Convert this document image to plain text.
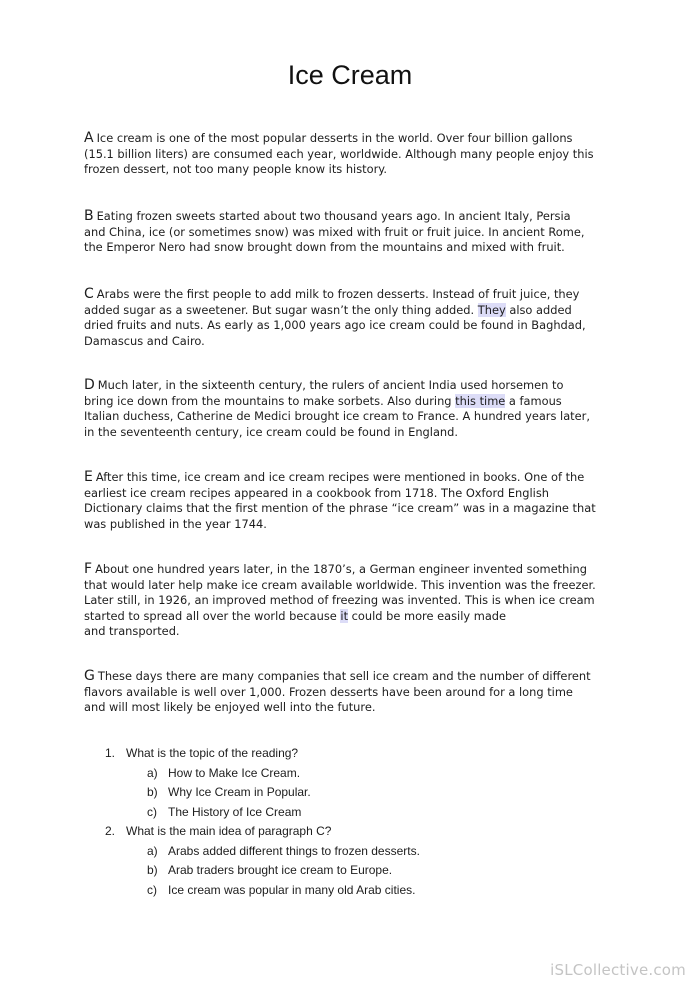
Ice Cream
A Ice cream is one of the most popular desserts in the world. Over four billion gallons
(15.1 billion liters) are consumed each year, worldwide. Although many people enjoy this
frozen dessert, not too many people know its history.
B Eating frozen sweets started about two thousand years ago. In ancient Italy, Persia
and China, ice (or sometimes snow) was mixed with fruit or fruit juice. In ancient Rome,
the Emperor Nero had snow brought down from the mountains and mixed with fruit.
C Arabs were the first people to add milk to frozen desserts. Instead of fruit juice, they
added sugar as a sweetener. But sugar wasn’t the only thing added. They also added
dried fruits and nuts. As early as 1,000 years ago ice cream could be found in Baghdad,
Damascus and Cairo.
D Much later, in the sixteenth century, the rulers of ancient India used horsemen to
bring ice down from the mountains to make sorbets. Also during this time a famous
Italian duchess, Catherine de Medici brought ice cream to France. A hundred years later,
in the seventeenth century, ice cream could be found in England.
E After this time, ice cream and ice cream recipes were mentioned in books. One of the
earliest ice cream recipes appeared in a cookbook from 1718. The Oxford English
Dictionary claims that the first mention of the phrase “ice cream” was in a magazine that
was published in the year 1744.
F About one hundred years later, in the 1870’s, a German engineer invented something
that would later help make ice cream available worldwide. This invention was the freezer.
Later still, in 1926, an improved method of freezing was invented. This is when ice cream
started to spread all over the world because it could be more easily made
and transported.
G These days there are many companies that sell ice cream and the number of different
flavors available is well over 1,000. Frozen desserts have been around for a long time
and will most likely be enjoyed well into the future.
1. What is the topic of the reading?
a) How to Make Ice Cream.
b) Why Ice Cream in Popular.
c) The History of Ice Cream
2. What is the main idea of paragraph C?
a) Arabs added different things to frozen desserts.
b) Arab traders brought ice cream to Europe.
c) Ice cream was popular in many old Arab cities.
iSLCollective.com
